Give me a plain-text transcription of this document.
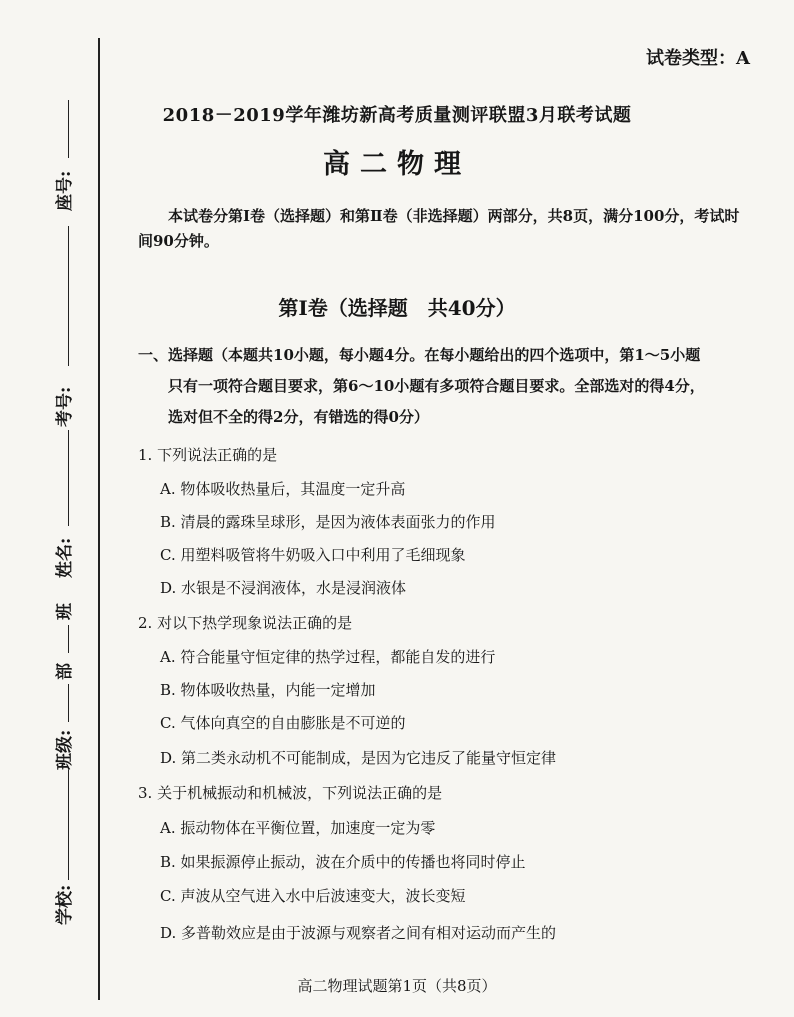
座号:
考号:
姓名:
班
部
班级:
学校:
试卷类型：A
2018－2019学年潍坊新高考质量测评联盟3月联考试题
高二物理
本试卷分第Ⅰ卷（选择题）和第Ⅱ卷（非选择题）两部分，共8页，满分100分，考试时间90分钟。
第Ⅰ卷（选择题　共40分）
一、选择题（本题共10小题，每小题4分。在每小题给出的四个选项中，第1～5小题
只有一项符合题目要求，第6～10小题有多项符合题目要求。全部选对的得4分，
选对但不全的得2分，有错选的得0分）
1. 下列说法正确的是
A. 物体吸收热量后，其温度一定升高
B. 清晨的露珠呈球形，是因为液体表面张力的作用
C. 用塑料吸管将牛奶吸入口中利用了毛细现象
D. 水银是不浸润液体，水是浸润液体
2. 对以下热学现象说法正确的是
A. 符合能量守恒定律的热学过程，都能自发的进行
B. 物体吸收热量，内能一定增加
C. 气体向真空的自由膨胀是不可逆的
D. 第二类永动机不可能制成，是因为它违反了能量守恒定律
3. 关于机械振动和机械波，下列说法正确的是
A. 振动物体在平衡位置，加速度一定为零
B. 如果振源停止振动，波在介质中的传播也将同时停止
C. 声波从空气进入水中后波速变大，波长变短
D. 多普勒效应是由于波源与观察者之间有相对运动而产生的
高二物理试题第1页（共8页）
